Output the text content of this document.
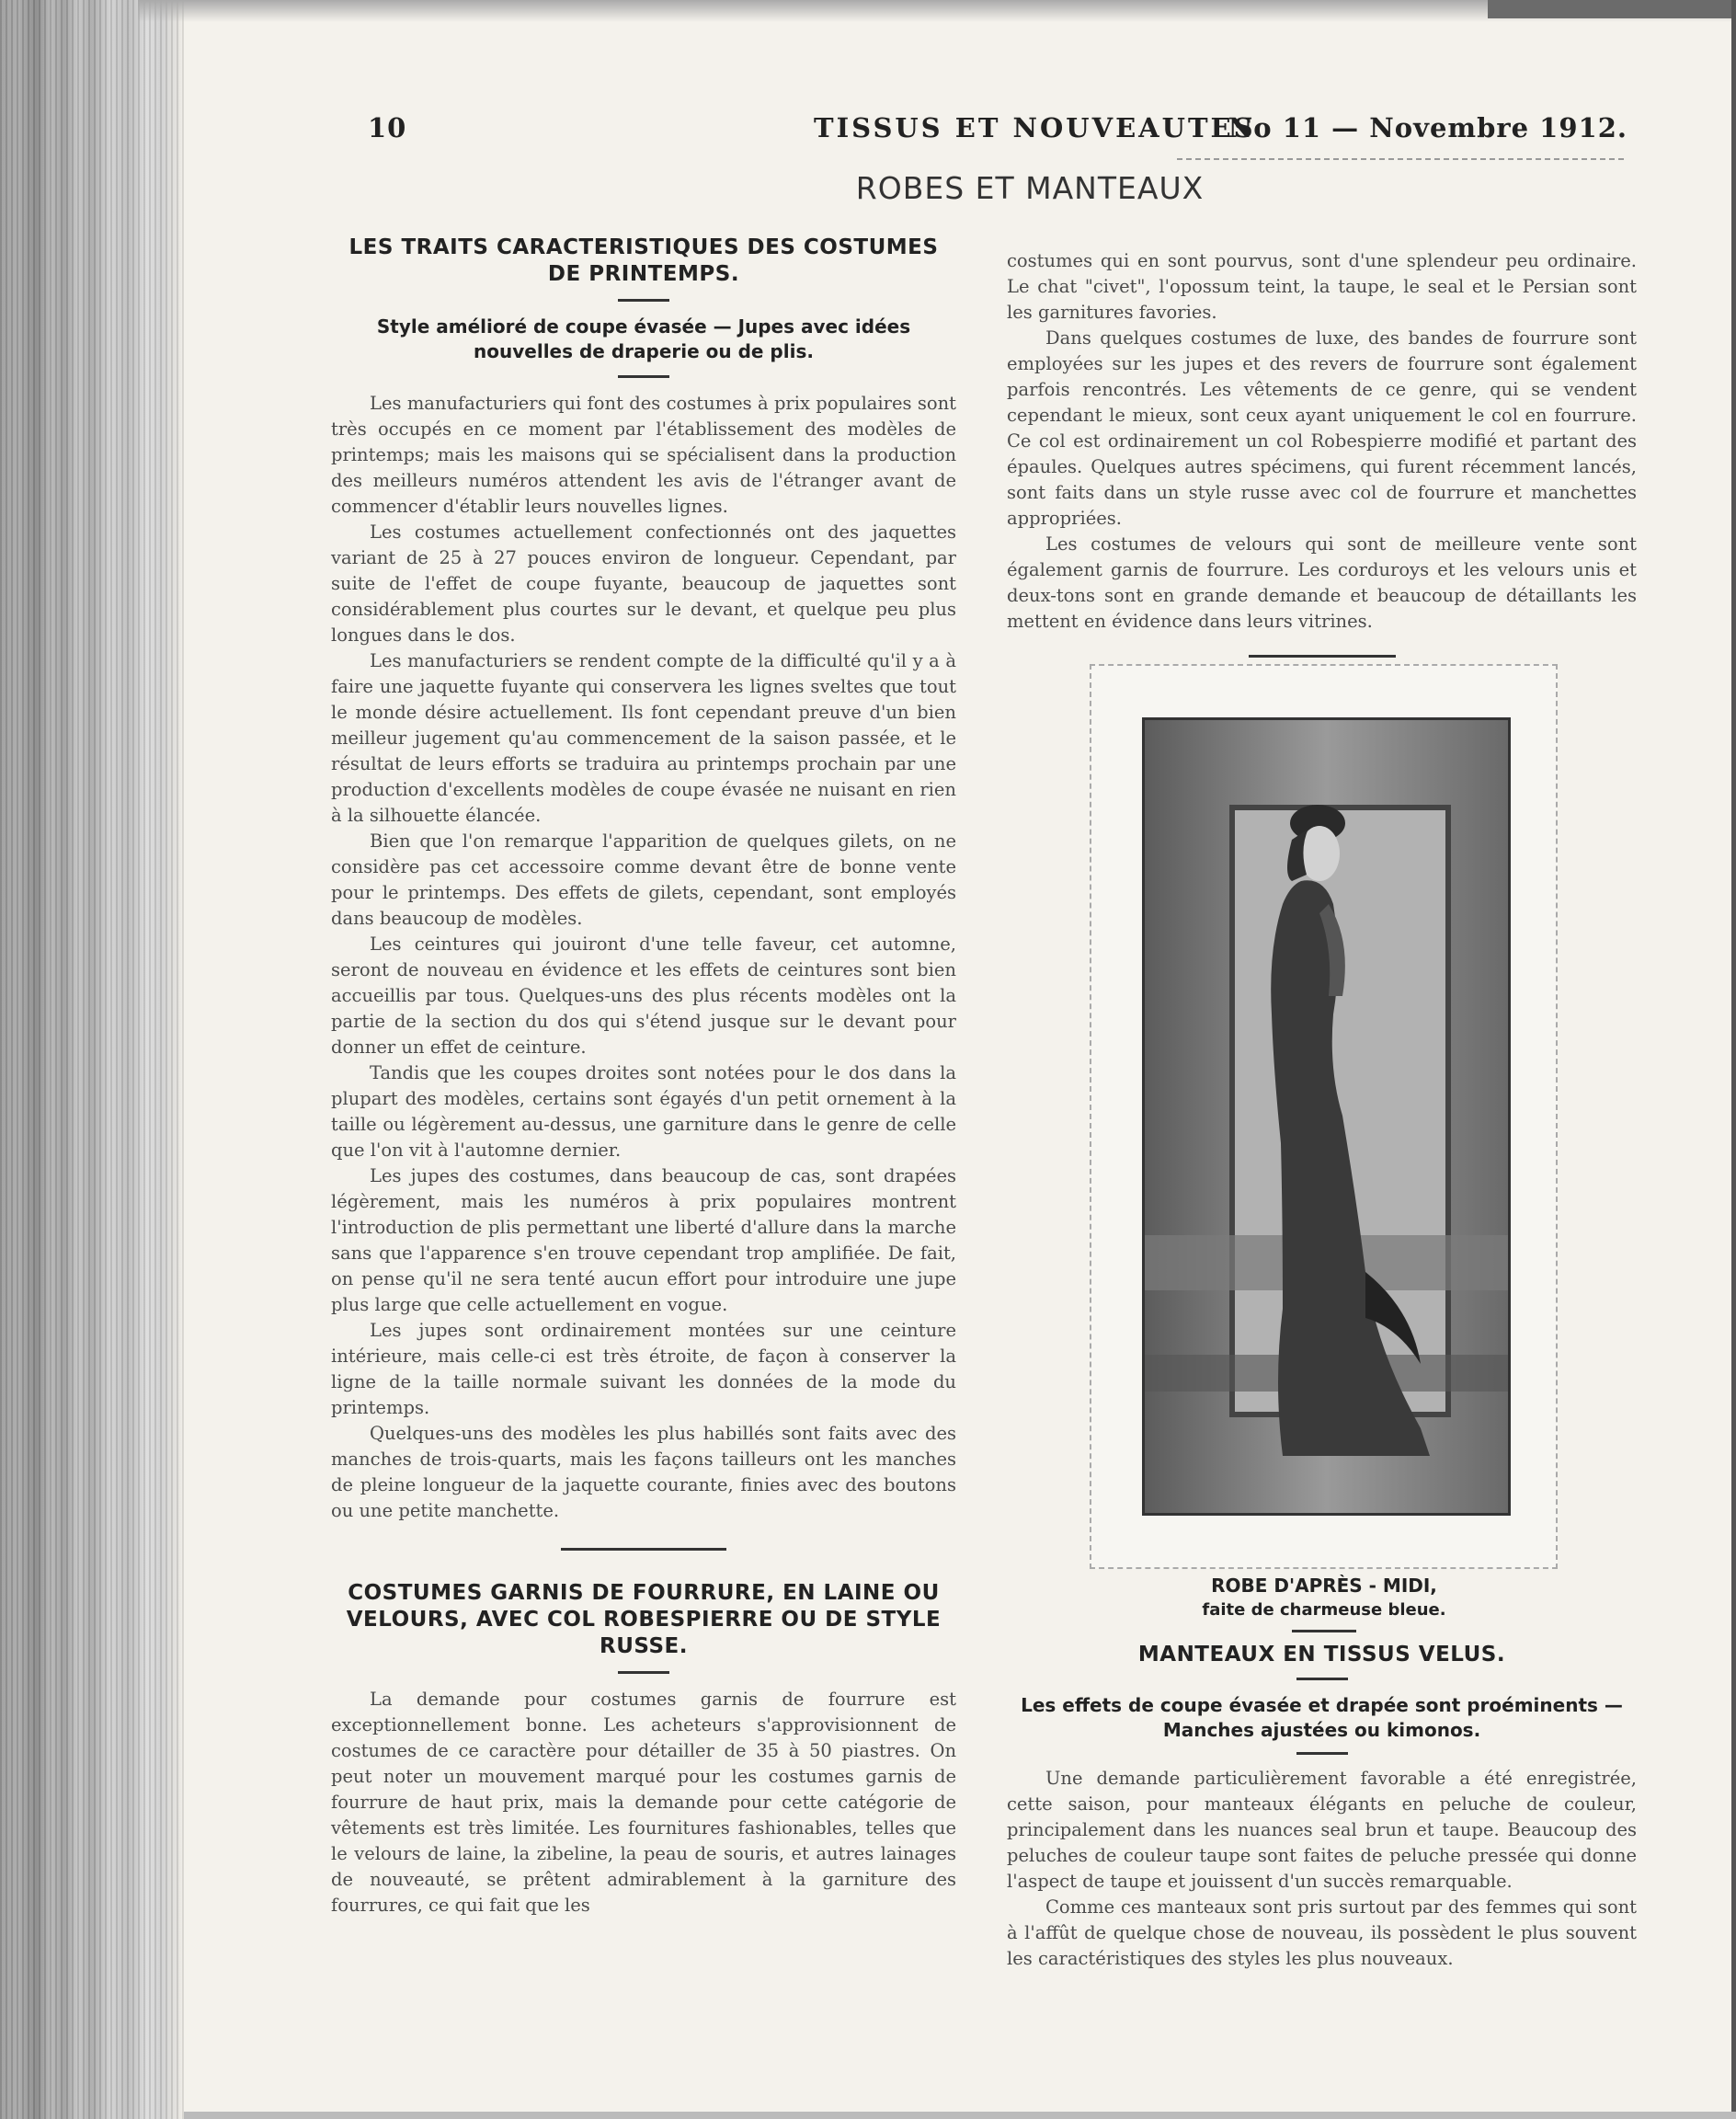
10	TISSUS ET NOUVEAUTES
No 11 — Novembre 1912.
ROBES ET MANTEAUX
LES TRAITS CARACTERISTIQUES DES COSTUMES DE PRINTEMPS.
Style amélioré de coupe évasée — Jupes avec idées nouvelles de draperie ou de plis.

Les manufacturiers qui font des costumes à prix populaires sont très occupés en ce moment par l'établissement des modèles de printemps; mais les maisons qui se spécialisent dans la production des meilleurs numéros attendent les avis de l'étranger avant de commencer d'établir leurs nouvelles lignes.

Les costumes actuellement confectionnés ont des jaquettes variant de 25 à 27 pouces environ de longueur. Cependant, par suite de l'effet de coupe fuyante, beaucoup de jaquettes sont considérablement plus courtes sur le devant, et quelque peu plus longues dans le dos.

Les manufacturiers se rendent compte de la difficulté qu'il y a à faire une jaquette fuyante qui conservera les lignes sveltes que tout le monde désire actuellement. Ils font cependant preuve d'un bien meilleur jugement qu'au commencement de la saison passée, et le résultat de leurs efforts se traduira au printemps prochain par une production d'excellents modèles de coupe évasée ne nuisant en rien à la silhouette élancée.

Bien que l'on remarque l'apparition de quelques gilets, on ne considère pas cet accessoire comme devant être de bonne vente pour le printemps. Des effets de gilets, cependant, sont employés dans beaucoup de modèles.

Les ceintures qui jouiront d'une telle faveur, cet automne, seront de nouveau en évidence et les effets de ceintures sont bien accueillis par tous. Quelques-uns des plus récents modèles ont la partie de la section du dos qui s'étend jusque sur le devant pour donner un effet de ceinture.

Tandis que les coupes droites sont notées pour le dos dans la plupart des modèles, certains sont égayés d'un petit ornement à la taille ou légèrement au-dessus, une garniture dans le genre de celle que l'on vit à l'automne dernier.

Les jupes des costumes, dans beaucoup de cas, sont drapées légèrement, mais les numéros à prix populaires montrent l'introduction de plis permettant une liberté d'allure dans la marche sans que l'apparence s'en trouve cependant trop amplifiée. De fait, on pense qu'il ne sera tenté aucun effort pour introduire une jupe plus large que celle actuellement en vogue.

Les jupes sont ordinairement montées sur une ceinture intérieure, mais celle-ci est très étroite, de façon à conserver la ligne de la taille normale suivant les données de la mode du printemps.

Quelques-uns des modèles les plus habillés sont faits avec des manches de trois-quarts, mais les façons tailleurs ont les manches de pleine longueur de la jaquette courante, finies avec des boutons ou une petite manchette.

COSTUMES GARNIS DE FOURRURE, EN LAINE OU VELOURS, AVEC COL ROBESPIERRE OU DE STYLE RUSSE.

La demande pour costumes garnis de fourrure est exceptionnellement bonne. Les acheteurs s'approvisionnent de costumes de ce caractère pour détailler de 35 à 50 piastres. On peut noter un mouvement marqué pour les costumes garnis de fourrure de haut prix, mais la demande pour cette catégorie de vêtements est très limitée. Les fournitures fashionables, telles que le velours de laine, la zibeline, la peau de souris, et autres lainages de nouveauté, se prêtent admirablement à la garniture des fourrures, ce qui fait que les

costumes qui en sont pourvus, sont d'une splendeur peu ordinaire. Le chat "civet", l'opossum teint, la taupe, le seal et le Persian sont les garnitures favories.

Dans quelques costumes de luxe, des bandes de fourrure sont employées sur les jupes et des revers de fourrure sont également parfois rencontrés. Les vêtements de ce genre, qui se vendent cependant le mieux, sont ceux ayant uniquement le col en fourrure. Ce col est ordinairement un col Robespierre modifié et partant des épaules. Quelques autres spécimens, qui furent récemment lancés, sont faits dans un style russe avec col de fourrure et manchettes appropriées.

Les costumes de velours qui sont de meilleure vente sont également garnis de fourrure. Les corduroys et les velours unis et deux-tons sont en grande demande et beaucoup de détaillants les mettent en évidence dans leurs vitrines.

ROBE D'APRÈS - MIDI,
faite de charmeuse bleue.
MANTEAUX EN TISSUS VELUS.
Les effets de coupe évasée et drapée sont proéminents — Manches ajustées ou kimonos.

Une demande particulièrement favorable a été enregistrée, cette saison, pour manteaux élégants en peluche de couleur, principalement dans les nuances seal brun et taupe. Beaucoup des peluches de couleur taupe sont faites de peluche pressée qui donne l'aspect de taupe et jouissent d'un succès remarquable.

Comme ces manteaux sont pris surtout par des femmes qui sont à l'affût de quelque chose de nouveau, ils possèdent le plus souvent les caractéristiques des styles les plus nouveaux.
